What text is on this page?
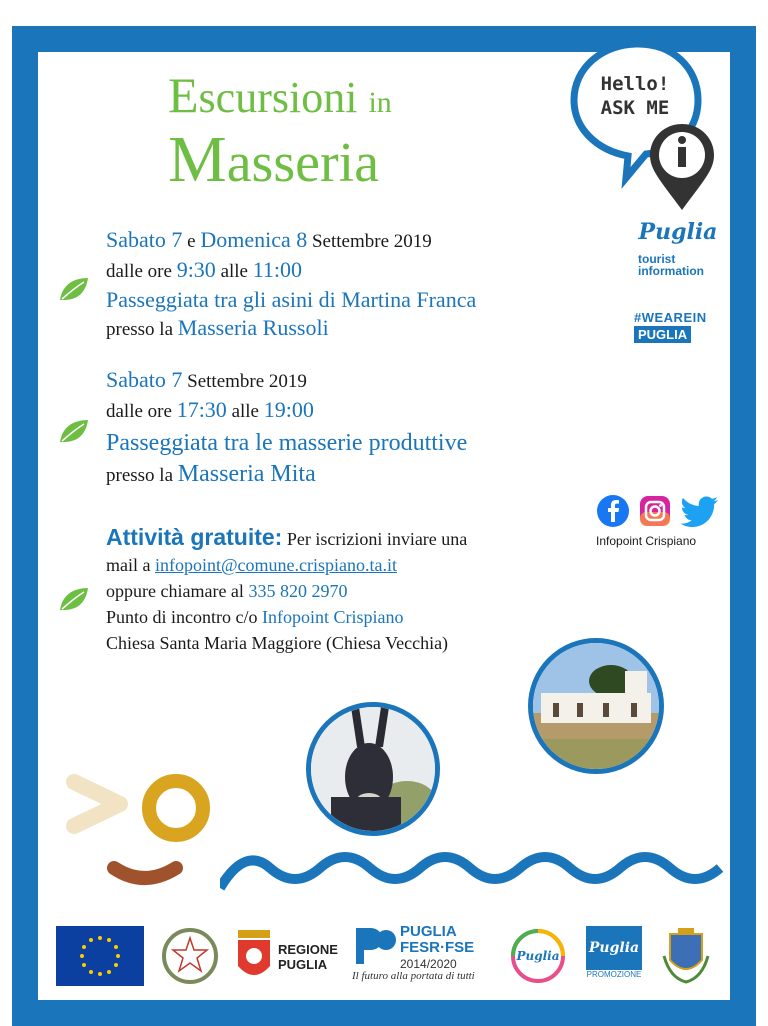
Escursioni in
Masseria
Hello!
ASK ME
Puglia
tourist
information
#WEAREIN
PUGLIA
Sabato 7 e Domenica 8 Settembre 2019
dalle ore 9:30 alle 11:00
Passeggiata tra gli asini di Martina Franca
presso la Masseria Russoli
Sabato 7 Settembre 2019
dalle ore 17:30 alle 19:00
Passeggiata tra le masserie produttive
presso la Masseria Mita
Attività gratuite: Per iscrizioni inviare una
mail a infopoint@comune.crispiano.ta.it
oppure chiamare al 335 820 2970
Punto di incontro c/o Infopoint Crispiano
Chiesa Santa Maria Maggiore (Chiesa Vecchia)
Infopoint Crispiano
REGIONE
PUGLIA
PUGLIA
FESR·FSE
2014/2020
Il futuro alla portata di tutti
Puglia Puglia
PROMOZIONE
